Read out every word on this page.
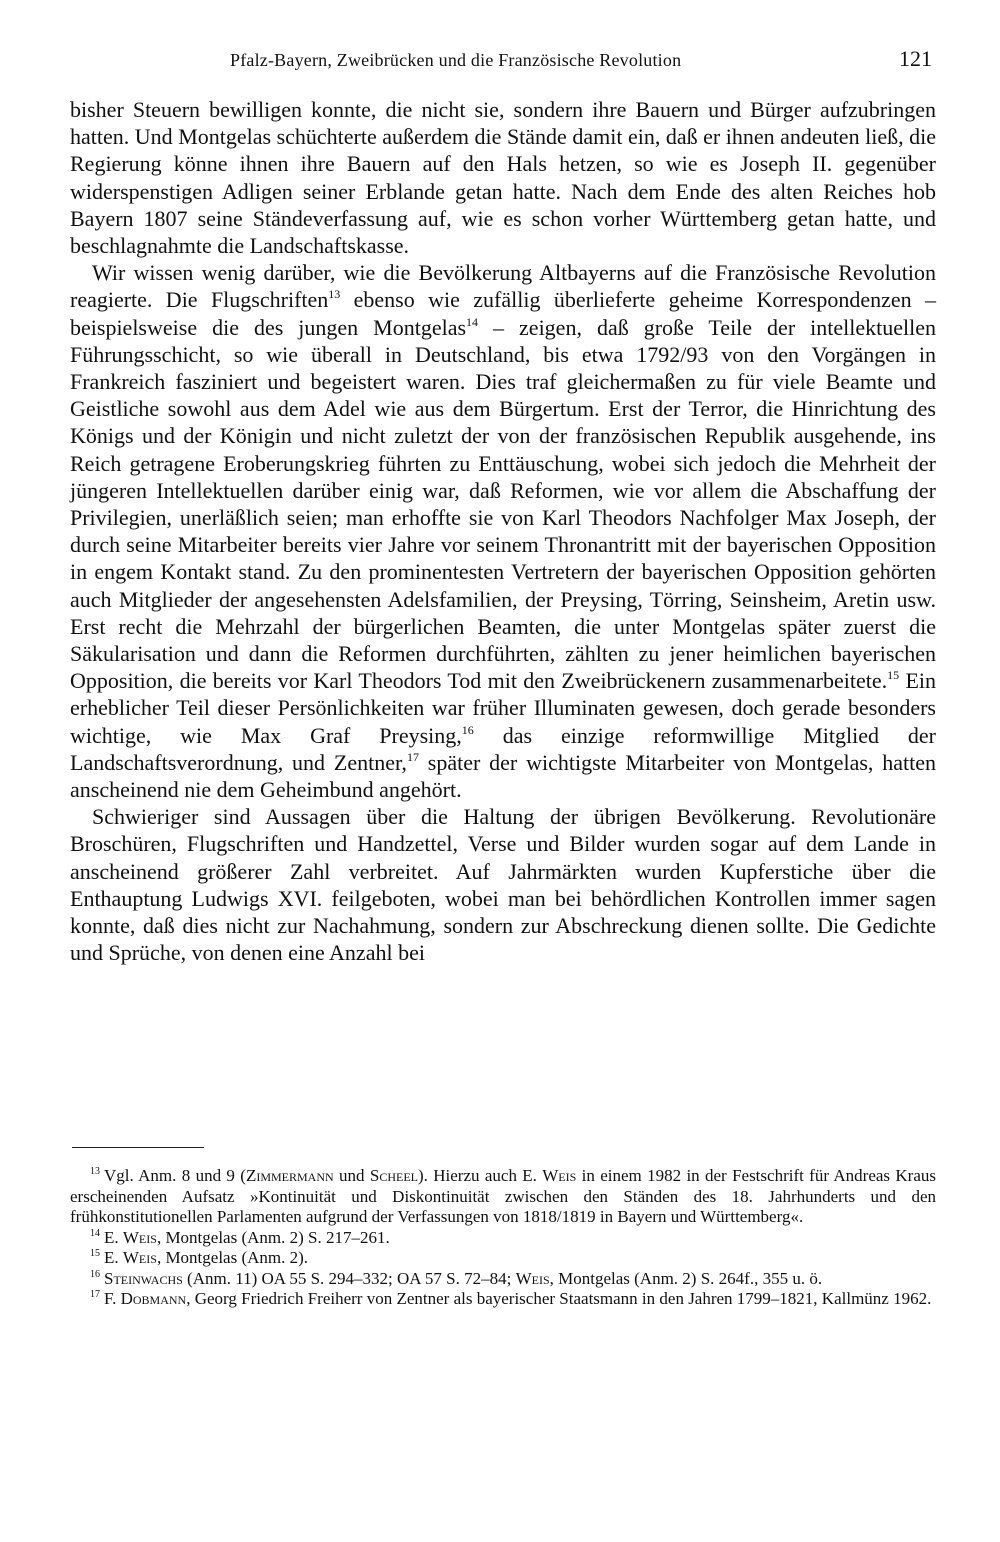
Pfalz-Bayern, Zweibrücken und die Französische Revolution	121

bisher Steuern bewilligen konnte, die nicht sie, sondern ihre Bauern und Bürger aufzubringen hatten. Und Montgelas schüchterte außerdem die Stände damit ein, daß er ihnen andeuten ließ, die Regierung könne ihnen ihre Bauern auf den Hals hetzen, so wie es Joseph II. gegenüber widerspenstigen Adligen seiner Erblande getan hatte. Nach dem Ende des alten Reiches hob Bayern 1807 seine Ständeverfassung auf, wie es schon vorher Württemberg getan hatte, und beschlagnahmte die Landschaftskasse.

Wir wissen wenig darüber, wie die Bevölkerung Altbayerns auf die Französische Revolution reagierte. Die Flugschriften$^{13}$ ebenso wie zufällig überlieferte geheime Korrespondenzen – beispielsweise die des jungen Montgelas$^{14}$ – zeigen, daß große Teile der intellektuellen Führungsschicht, so wie überall in Deutschland, bis etwa 1792/93 von den Vorgängen in Frankreich fasziniert und begeistert waren. Dies traf gleichermaßen zu für viele Beamte und Geistliche sowohl aus dem Adel wie aus dem Bürgertum. Erst der Terror, die Hinrichtung des Königs und der Königin und nicht zuletzt der von der französischen Republik ausgehende, ins Reich getragene Eroberungskrieg führten zu Enttäuschung, wobei sich jedoch die Mehrheit der jüngeren Intellektuellen darüber einig war, daß Reformen, wie vor allem die Abschaffung der Privilegien, unerläßlich seien; man erhoffte sie von Karl Theodors Nachfolger Max Joseph, der durch seine Mitarbeiter bereits vier Jahre vor seinem Thronantritt mit der bayerischen Opposition in engem Kontakt stand. Zu den prominentesten Vertretern der bayerischen Opposition gehörten auch Mitglieder der angesehensten Adelsfamilien, der Preysing, Törring, Seinsheim, Aretin usw. Erst recht die Mehrzahl der bürgerlichen Beamten, die unter Montgelas später zuerst die Säkularisation und dann die Reformen durchführten, zählten zu jener heimlichen bayerischen Opposition, die bereits vor Karl Theodors Tod mit den Zweibrückenern zusammenarbeitete.$^{15}$ Ein erheblicher Teil dieser Persönlichkeiten war früher Illuminaten gewesen, doch gerade besonders wichtige, wie Max Graf Preysing,$^{16}$ das einzige reformwillige Mitglied der Landschaftsverordnung, und Zentner,$^{17}$ später der wichtigste Mitarbeiter von Montgelas, hatten anscheinend nie dem Geheimbund angehört.

Schwieriger sind Aussagen über die Haltung der übrigen Bevölkerung. Revolutionäre Broschüren, Flugschriften und Handzettel, Verse und Bilder wurden sogar auf dem Lande in anscheinend größerer Zahl verbreitet. Auf Jahrmärkten wurden Kupferstiche über die Enthauptung Ludwigs XVI. feilgeboten, wobei man bei behördlichen Kontrollen immer sagen konnte, daß dies nicht zur Nachahmung, sondern zur Abschreckung dienen sollte. Die Gedichte und Sprüche, von denen eine Anzahl bei

$^{13}$ Vgl. Anm. 8 und 9 (Zimmermann und Scheel). Hierzu auch E. Weis in einem 1982 in der Festschrift für Andreas Kraus erscheinenden Aufsatz »Kontinuität und Diskontinuität zwischen den Ständen des 18. Jahrhunderts und den frühkonstitutionellen Parlamenten aufgrund der Verfassungen von 1818/1819 in Bayern und Württemberg«.

$^{14}$ E. Weis, Montgelas (Anm. 2) S. 217–261.

$^{15}$ E. Weis, Montgelas (Anm. 2).

$^{16}$ Steinwachs (Anm. 11) OA 55 S. 294–332; OA 57 S. 72–84; Weis, Montgelas (Anm. 2) S. 264f., 355 u. ö.

$^{17}$ F. Dobmann, Georg Friedrich Freiherr von Zentner als bayerischer Staatsmann in den Jahren 1799–1821, Kallmünz 1962.
